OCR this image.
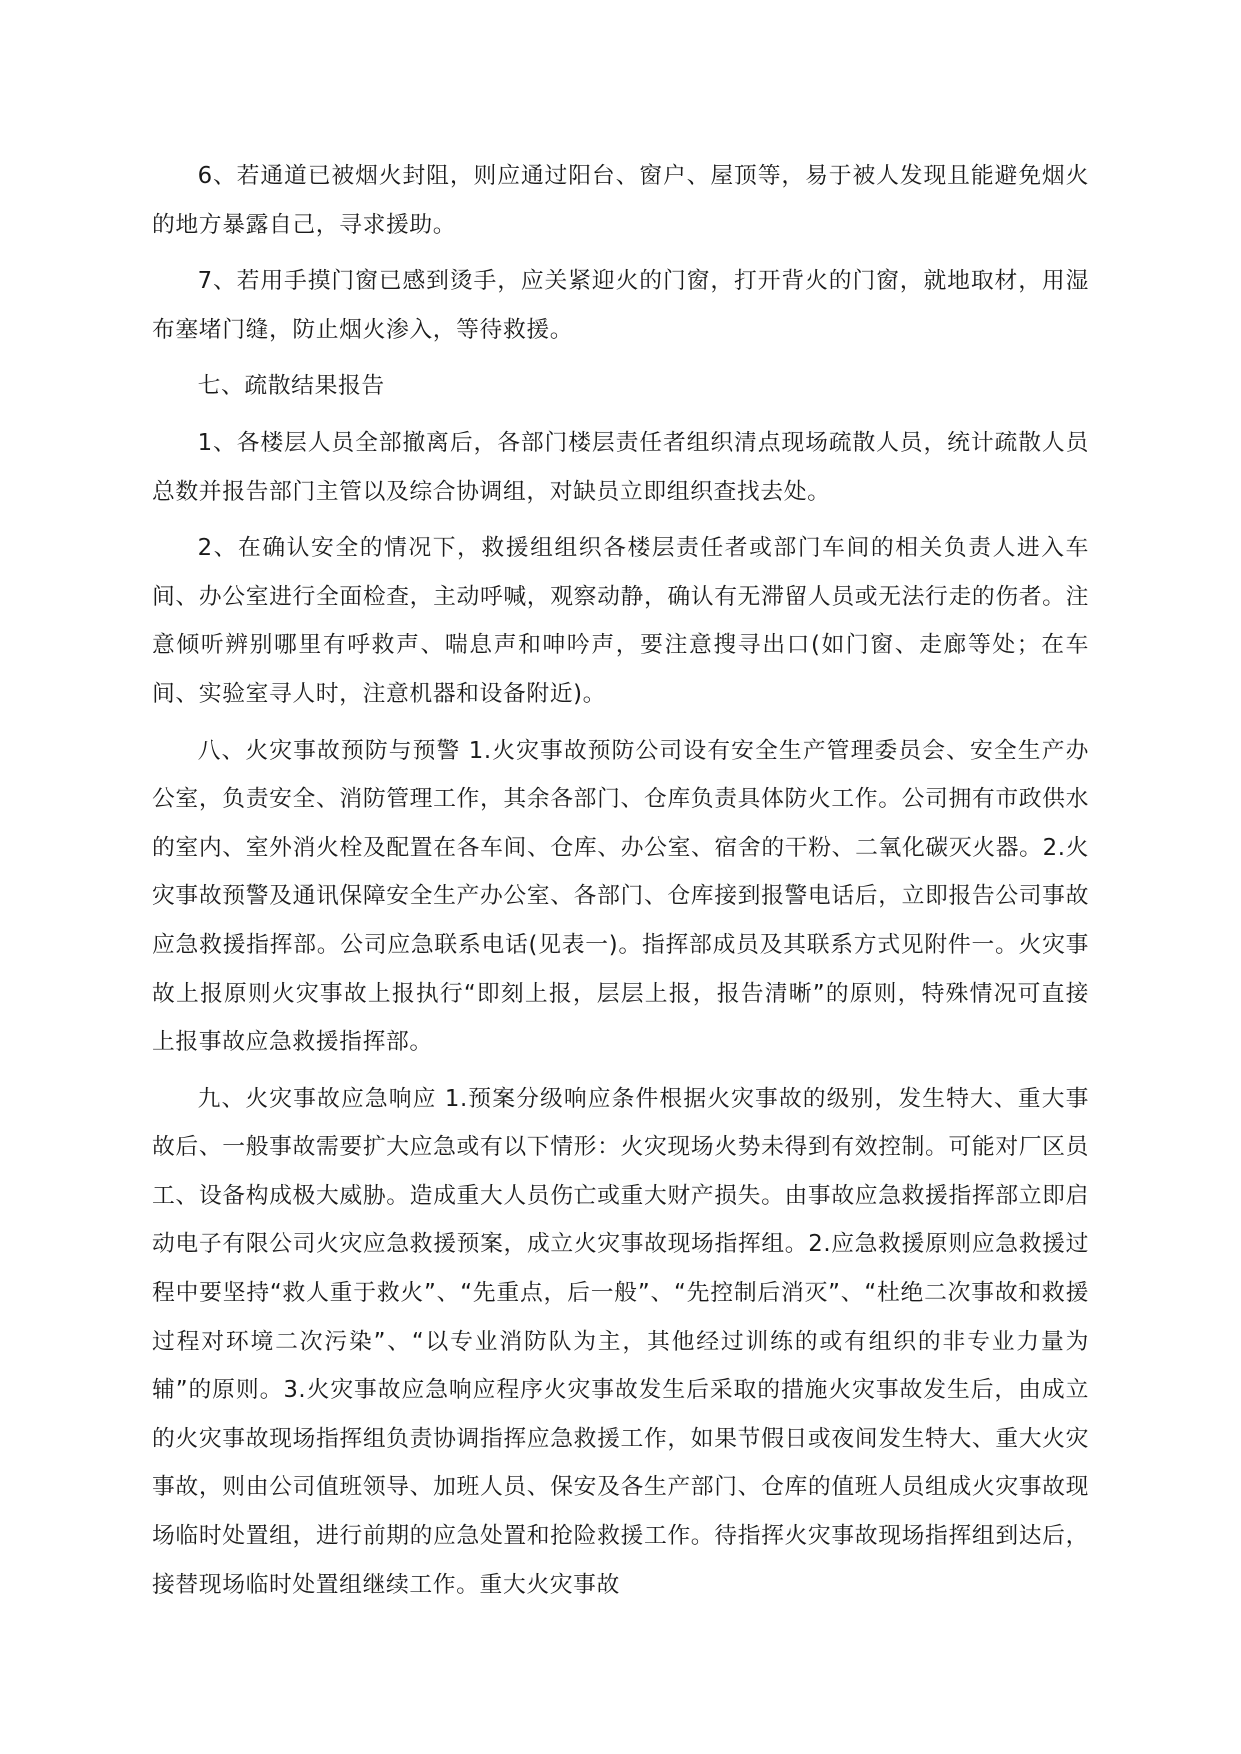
6、若通道已被烟火封阻，则应通过阳台、窗户、屋顶等，易于被人发现且能避免烟火的地方暴露自己，寻求援助。

7、若用手摸门窗已感到烫手，应关紧迎火的门窗，打开背火的门窗，就地取材，用湿布塞堵门缝，防止烟火渗入，等待救援。

七、疏散结果报告

1、各楼层人员全部撤离后，各部门楼层责任者组织清点现场疏散人员，统计疏散人员总数并报告部门主管以及综合协调组，对缺员立即组织查找去处。

2、在确认安全的情况下，救援组组织各楼层责任者或部门车间的相关负责人进入车间、办公室进行全面检查，主动呼喊，观察动静，确认有无滞留人员或无法行走的伤者。注意倾听辨别哪里有呼救声、喘息声和呻吟声，要注意搜寻出口(如门窗、走廊等处；在车间、实验室寻人时，注意机器和设备附近)。

八、火灾事故预防与预警 1.火灾事故预防公司设有安全生产管理委员会、安全生产办公室，负责安全、消防管理工作，其余各部门、仓库负责具体防火工作。公司拥有市政供水的室内、室外消火栓及配置在各车间、仓库、办公室、宿舍的干粉、二氧化碳灭火器。2.火灾事故预警及通讯保障安全生产办公室、各部门、仓库接到报警电话后，立即报告公司事故应急救援指挥部。公司应急联系电话(见表一)。指挥部成员及其联系方式见附件一。火灾事故上报原则火灾事故上报执行“即刻上报，层层上报，报告清晰”的原则，特殊情况可直接上报事故应急救援指挥部。

九、火灾事故应急响应 1.预案分级响应条件根据火灾事故的级别，发生特大、重大事故后、一般事故需要扩大应急或有以下情形：火灾现场火势未得到有效控制。可能对厂区员工、设备构成极大威胁。造成重大人员伤亡或重大财产损失。由事故应急救援指挥部立即启动电子有限公司火灾应急救援预案，成立火灾事故现场指挥组。2.应急救援原则应急救援过程中要坚持“救人重于救火”、“先重点，后一般”、“先控制后消灭”、“杜绝二次事故和救援过程对环境二次污染”、“以专业消防队为主，其他经过训练的或有组织的非专业力量为辅”的原则。3.火灾事故应急响应程序火灾事故发生后采取的措施火灾事故发生后，由成立的火灾事故现场指挥组负责协调指挥应急救援工作，如果节假日或夜间发生特大、重大火灾事故，则由公司值班领导、加班人员、保安及各生产部门、仓库的值班人员组成火灾事故现场临时处置组，进行前期的应急处置和抢险救援工作。待指挥火灾事故现场指挥组到达后，接替现场临时处置组继续工作。重大火灾事故
